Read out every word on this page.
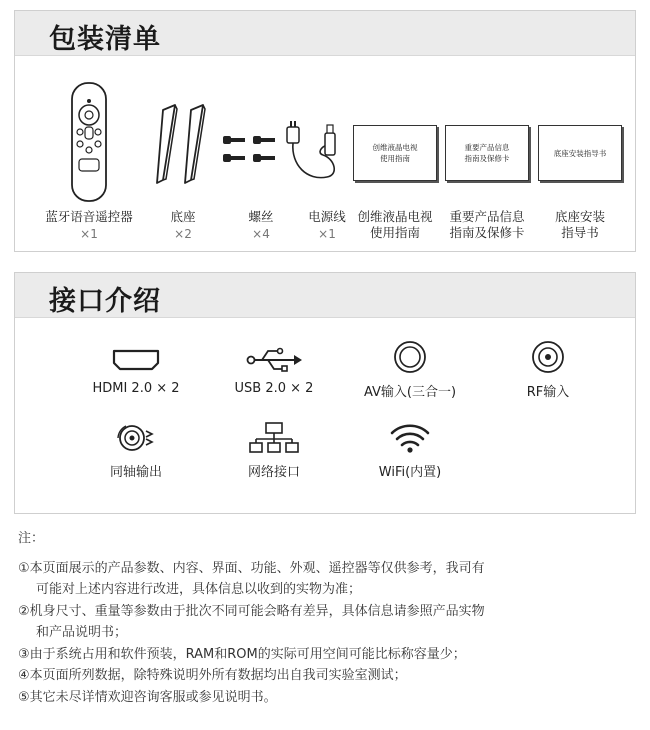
包装清单
蓝牙语音遥控器
×1
底座
×2
螺丝
×4
电源线
×1
创维液晶电视
使用指南
创维液晶电视
使用指南
重要产品信息
指南及保修卡
重要产品信息
指南及保修卡
底座安装指导书
底座安装
指导书
接口介绍
HDMI 2.0 × 2	USB 2.0 × 2	AV输入(三合一)	RF输入
同轴输出	网络接口	WiFi(内置)
注：
①本页面展示的产品参数、内容、界面、功能、外观、遥控器等仅供参考，我司有
可能对上述内容进行改进，具体信息以收到的实物为准；
②机身尺寸、重量等参数由于批次不同可能会略有差异，具体信息请参照产品实物
和产品说明书；
③由于系统占用和软件预装，RAM和ROM的实际可用空间可能比标称容量少；
④本页面所列数据，除特殊说明外所有数据均出自我司实验室测试；
⑤其它未尽详情欢迎咨询客服或参见说明书。
